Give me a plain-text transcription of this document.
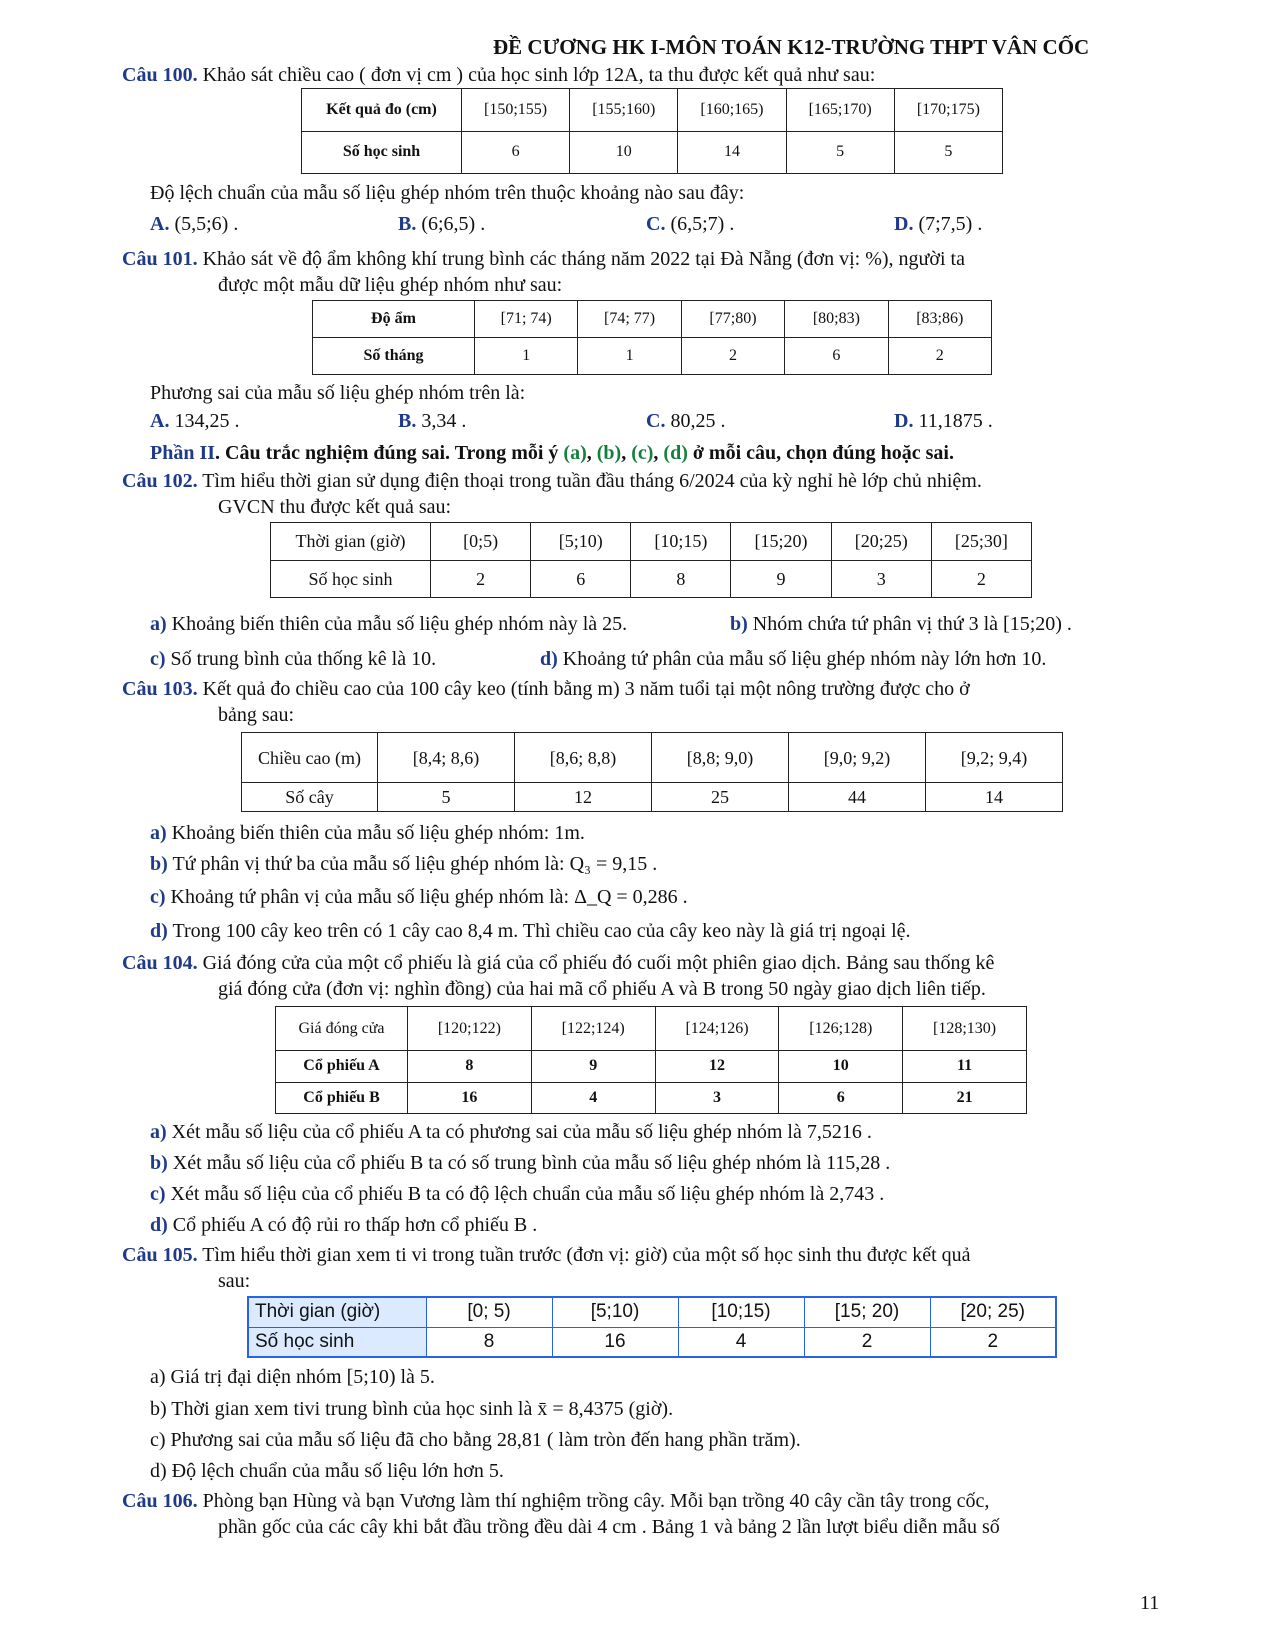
ĐỀ CƯƠNG HK I-MÔN TOÁN K12-TRƯỜNG THPT VÂN CỐC
Câu 100. Khảo sát chiều cao ( đơn vị cm ) của học sinh lớp 12A, ta thu được kết quả như sau:
Kết quả đo (cm)	[150;155)	[155;160)	[160;165)	[165;170)	[170;175)
Số học sinh	6	10	14	5	5
Độ lệch chuẩn của mẫu số liệu ghép nhóm trên thuộc khoảng nào sau đây:
A. (5,5;6) .	B. (6;6,5) .	C. (6,5;7) .	D. (7;7,5) .
Câu 101. Khảo sát về độ ẩm không khí trung bình các tháng năm 2022 tại Đà Nẵng (đơn vị: %), người ta
được một mẫu dữ liệu ghép nhóm như sau:
Độ ẩm	[71; 74)	[74; 77)	[77;80)	[80;83)	[83;86)
Số tháng	1	1	2	6	2
Phương sai của mẫu số liệu ghép nhóm trên là:
A. 134,25 .	B. 3,34 .	C. 80,25 .	D. 11,1875 .
Phần II. Câu trắc nghiệm đúng sai. Trong mỗi ý (a), (b), (c), (d) ở mỗi câu, chọn đúng hoặc sai.
Câu 102. Tìm hiểu thời gian sử dụng điện thoại trong tuần đầu tháng 6/2024 của kỳ nghỉ hè lớp chủ nhiệm.
GVCN thu được kết quả sau:
Thời gian (giờ)	[0;5)	[5;10)	[10;15)	[15;20)	[20;25)	[25;30]
Số học sinh	2	6	8	9	3	2
a) Khoảng biến thiên của mẫu số liệu ghép nhóm này là 25.	b) Nhóm chứa tứ phân vị thứ 3 là [15;20) .
c) Số trung bình của thống kê là 10.	d) Khoảng tứ phân của mẫu số liệu ghép nhóm này lớn hơn 10.
Câu 103. Kết quả đo chiều cao của 100 cây keo (tính bằng m) 3 năm tuổi tại một nông trường được cho ở
bảng sau:
Chiều cao (m)	[8,4; 8,6)	[8,6; 8,8)	[8,8; 9,0)	[9,0; 9,2)	[9,2; 9,4)
Số cây	5	12	25	44	14
a) Khoảng biến thiên của mẫu số liệu ghép nhóm: 1m.
b) Tứ phân vị thứ ba của mẫu số liệu ghép nhóm là: Q₃ = 9,15 .
c) Khoảng tứ phân vị của mẫu số liệu ghép nhóm là: Δ_Q = 0,286 .
d) Trong 100 cây keo trên có 1 cây cao 8,4 m. Thì chiều cao của cây keo này là giá trị ngoại lệ.
Câu 104. Giá đóng cửa của một cổ phiếu là giá của cổ phiếu đó cuối một phiên giao dịch. Bảng sau thống kê
giá đóng cửa (đơn vị: nghìn đồng) của hai mã cổ phiếu A và B trong 50 ngày giao dịch liên tiếp.
Giá đóng cửa	[120;122)	[122;124)	[124;126)	[126;128)	[128;130)
Cổ phiếu A	8	9	12	10	11
Cổ phiếu B	16	4	3	6	21
a) Xét mẫu số liệu của cổ phiếu A ta có phương sai của mẫu số liệu ghép nhóm là 7,5216 .
b) Xét mẫu số liệu của cổ phiếu B ta có số trung bình của mẫu số liệu ghép nhóm là 115,28 .
c) Xét mẫu số liệu của cổ phiếu B ta có độ lệch chuẩn của mẫu số liệu ghép nhóm là 2,743 .
d) Cổ phiếu A có độ rủi ro thấp hơn cổ phiếu B .
Câu 105. Tìm hiểu thời gian xem ti vi trong tuần trước (đơn vị: giờ) của một số học sinh thu được kết quả
sau:
Thời gian (giờ)	[0; 5)	[5;10)	[10;15)	[15; 20)	[20; 25)
Số học sinh	8	16	4	2	2
a) Giá trị đại diện nhóm [5;10) là 5.
b) Thời gian xem tivi trung bình của học sinh là x̄ = 8,4375 (giờ).
c) Phương sai của mẫu số liệu đã cho bằng 28,81 ( làm tròn đến hang phần trăm).
d) Độ lệch chuẩn của mẫu số liệu lớn hơn 5.
Câu 106. Phòng bạn Hùng và bạn Vương làm thí nghiệm trồng cây. Mỗi bạn trồng 40 cây cần tây trong cốc,
phần gốc của các cây khi bắt đầu trồng đều dài 4 cm . Bảng 1 và bảng 2 lần lượt biểu diễn mẫu số
11
